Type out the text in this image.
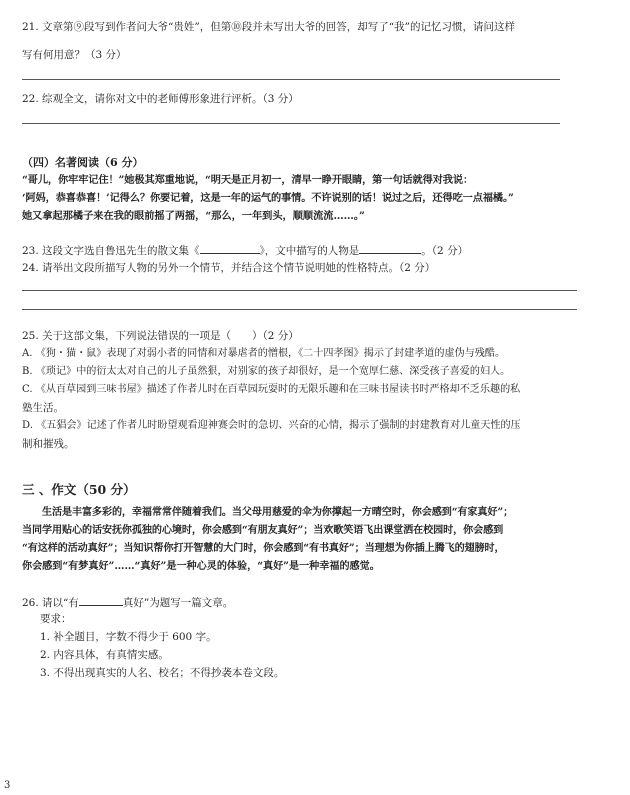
21. 文章第⑨段写到作者问大爷“贵姓”，但第⑩段并未写出大爷的回答，却写了“我”的记忆习惯，请问这样
写有何用意？（3 分）
22. 综观全文，请你对文中的老师傅形象进行评析。（3 分）
（四）名著阅读（6 分）
“哥儿，你牢牢记住！”她极其郑重地说，“明天是正月初一，清早一睁开眼睛，第一句话就得对我说：
‘阿妈，恭喜恭喜！’记得么？你要记着，这是一年的运气的事情。不许说别的话！说过之后，还得吃一点福橘。”
她又拿起那橘子来在我的眼前摇了两摇，“那么，一年到头，顺顺流流……。”
23. 这段文字选自鲁迅先生的散文集《	》，文中描写的人物是	。（2 分）
24. 请举出文段所描写人物的另外一个情节，并结合这个情节说明她的性格特点。（2 分）
25. 关于这部文集，下列说法错误的一项是（　　）（2 分）
A. 《狗・猫・鼠》表现了对弱小者的同情和对暴虐者的憎根，《二十四孝图》揭示了封建孝道的虚伪与残酷。
B. 《琐记》中的衍太太对自己的儿子虽然狠，对别家的孩子却很好，是一个宽厚仁慈、深受孩子喜爱的妇人。
C. 《从百草园到三味书屋》描述了作者儿时在百草园玩耍时的无限乐趣和在三味书屋读书时严格却不乏乐趣的私
塾生活。
D. 《五猖会》记述了作者儿时盼望观看迎神赛会时的急切、兴奋的心情，揭示了强制的封建教育对儿童天性的压
制和摧残。
三 、作文（50 分）
　　生活是丰富多彩的，幸福常常伴随着我们。当父母用慈爱的伞为你撑起一方晴空时，你会感到“有家真好”；
当同学用贴心的话安抚你孤独的心境时，你会感到“有朋友真好”；当欢歌笑语飞出课堂洒在校园时，你会感到
“有这样的活动真好”；当知识帮你打开智慧的大门时，你会感到“有书真好”；当理想为你插上腾飞的翅膀时，
你会感到“有梦真好”……“真好”是一种心灵的体验，“真好”是一种幸福的感觉。
26. 请以“有	真好”为题写一篇文章。
要求：
1. 补全题目，字数不得少于 600 字。
2. 内容具体，有真情实感。
3. 不得出现真实的人名、校名；不得抄袭本卷文段。
3
